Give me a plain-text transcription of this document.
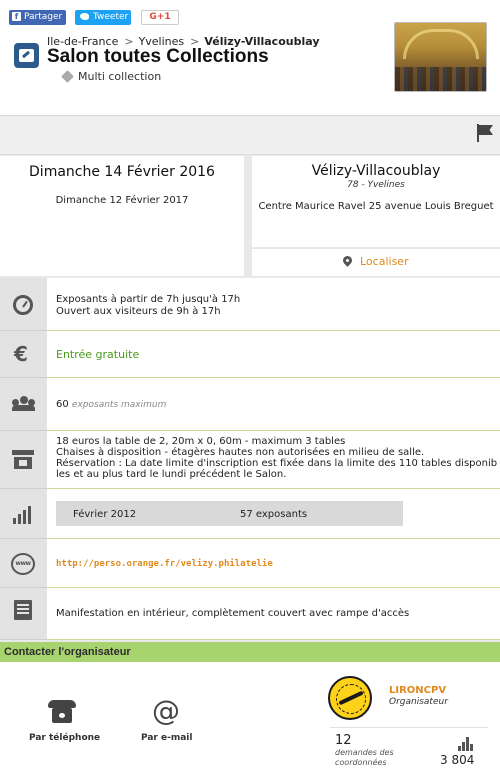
Ile-de-France > Yvelines > Vélizy-Villacoublay
Salon toutes Collections
Multi collection
f Partager	Tweeter	G+1
Dimanche 14 Février 2016
Dimanche 12 Février 2017
Vélizy-Villacoublay
78 - Yvelines
Centre Maurice Ravel 25 avenue Louis Breguet
Localiser
Exposants à partir de 7h jusqu'à 17h
Ouvert aux visiteurs de 9h à 17h
€	Entrée gratuite
60 exposants maximum
18 euros la table de 2, 20m x 0, 60m - maximum 3 tables
Chaises à disposition - étagères hautes non autorisées en milieu de salle.
Réservation : La date limite d'inscription est fixée dans la limite des 110 tables disponib
les et au plus tard le lundi précédent le Salon.
Février 2012	57 exposants
www	http://perso.orange.fr/velizy.philatelie
Manifestation en intérieur, complètement couvert avec rampe d'accès
Contacter l'organisateur
Par téléphone
@
Par e-mail
LIRONCPV
Organisateur
12
demandes des coordonnées	3 804
